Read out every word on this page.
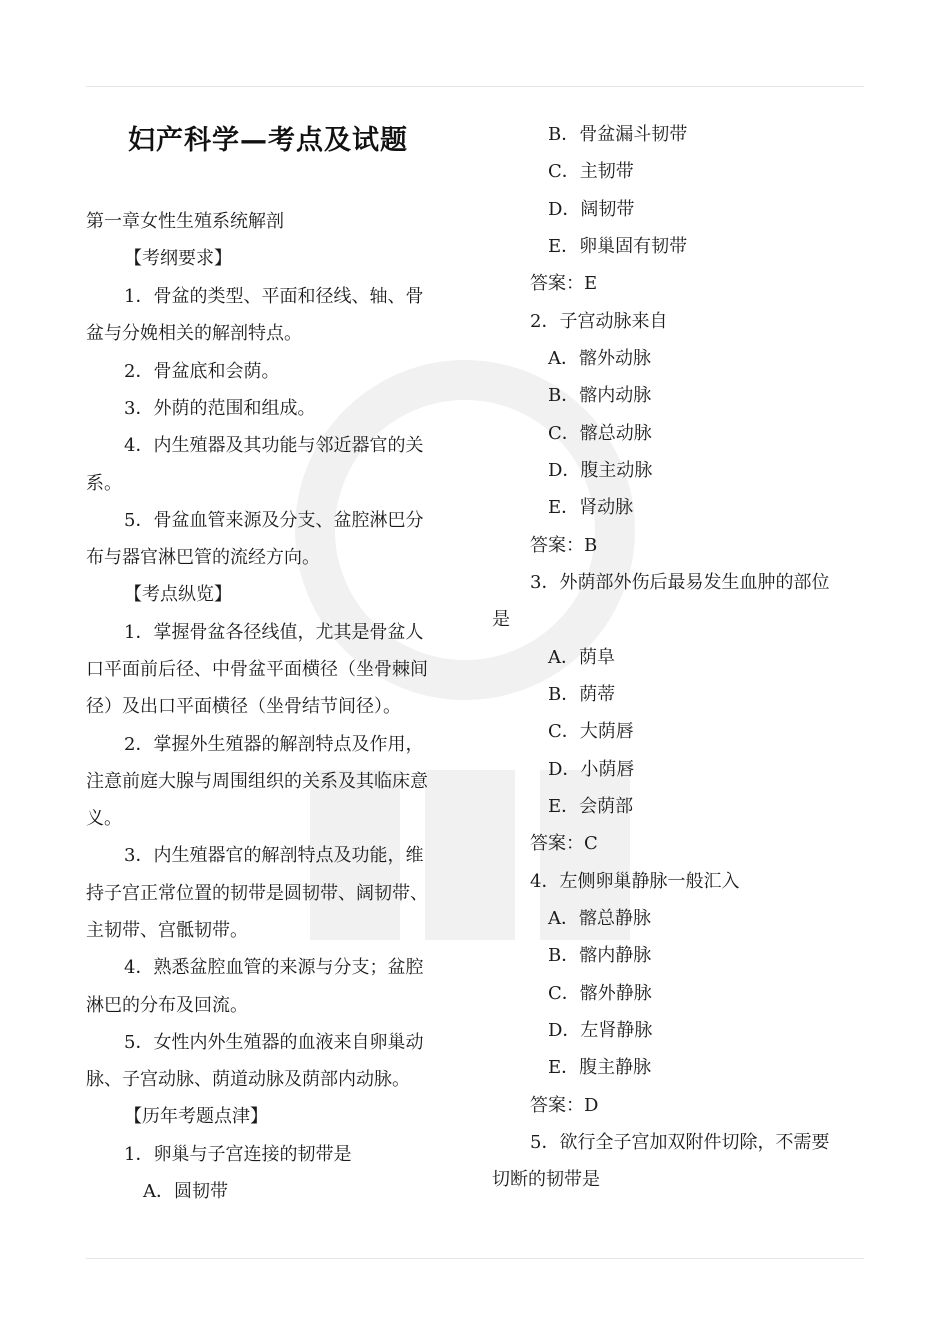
妇产科学—考点及试题
第一章女性生殖系统解剖
【考纲要求】
1．骨盆的类型、平面和径线、轴、骨
盆与分娩相关的解剖特点。
2．骨盆底和会荫。
3．外荫的范围和组成。
4．内生殖器及其功能与邻近器官的关
系。
5．骨盆血管来源及分支、盆腔淋巴分
布与器官淋巴管的流经方向。
【考点纵览】
1．掌握骨盆各径线值，尤其是骨盆人
口平面前后径、中骨盆平面横径（坐骨棘间
径）及出口平面横径（坐骨结节间径）。
2．掌握外生殖器的解剖特点及作用，
注意前庭大腺与周围组织的关系及其临床意
义。
3．内生殖器官的解剖特点及功能，维
持子宫正常位置的韧带是圆韧带、阔韧带、
主韧带、宫骶韧带。
4．熟悉盆腔血管的来源与分支；盆腔
淋巴的分布及回流。
5．女性内外生殖器的血液来自卵巢动
脉、子宫动脉、荫道动脉及荫部内动脉。
【历年考题点津】
1．卵巢与子宫连接的韧带是
A．圆韧带
B．骨盆漏斗韧带
C．主韧带
D．阔韧带
E．卵巢固有韧带
答案：E
2．子宫动脉来自
A．髂外动脉
B．髂内动脉
C．髂总动脉
D．腹主动脉
E．肾动脉
答案：B
3．外荫部外伤后最易发生血肿的部位
是
A．荫阜
B．荫蒂
C．大荫唇
D．小荫唇
E．会荫部
答案：C
4．左侧卵巢静脉一般汇入
A．髂总静脉
B．髂内静脉
C．髂外静脉
D．左肾静脉
E．腹主静脉
答案：D
5．欲行全子宫加双附件切除，不需要
切断的韧带是
